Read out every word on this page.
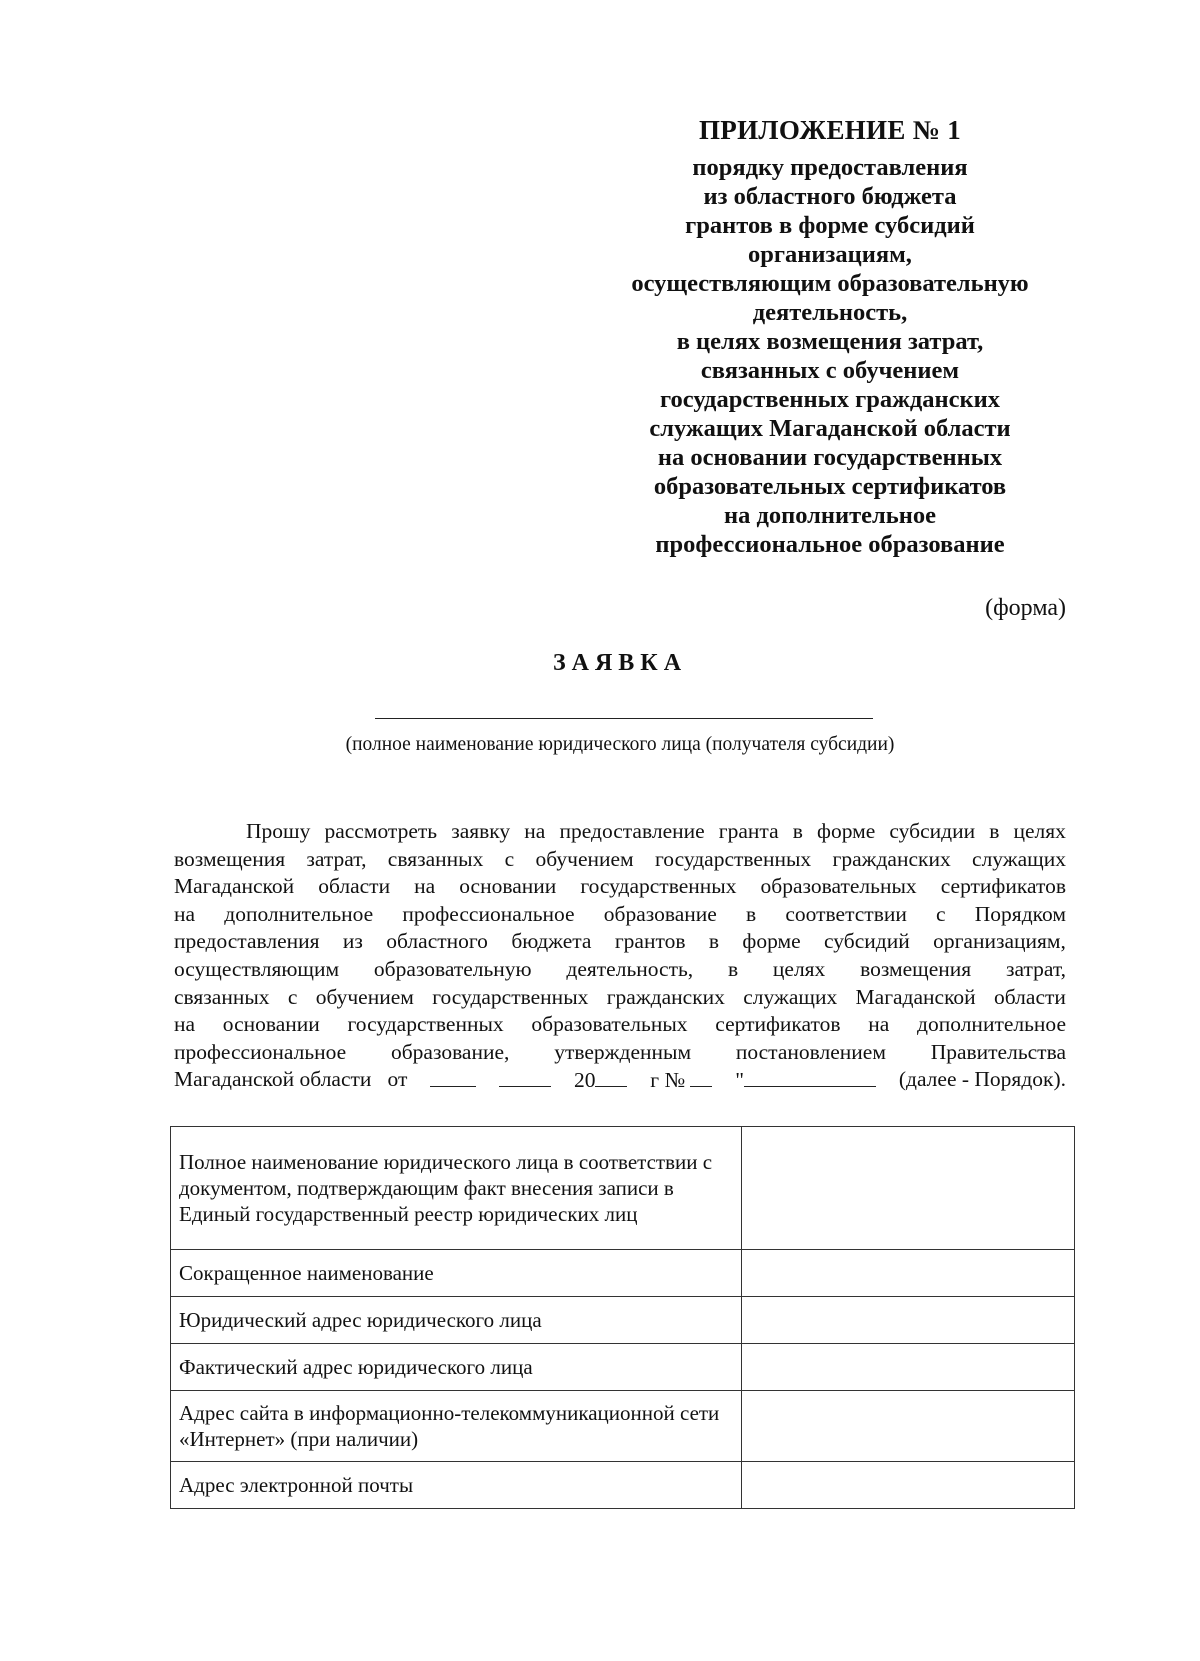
ПРИЛОЖЕНИЕ № 1
порядку предоставления
из областного бюджета
грантов в форме субсидий
организациям,
осуществляющим образовательную
деятельность,
в целях возмещения затрат,
связанных с обучением
государственных гражданских
служащих Магаданской области
на основании государственных
образовательных сертификатов
на дополнительное
профессиональное образование
(форма)
ЗАЯВКА
(полное наименование юридического лица (получателя субсидии)
Прошу рассмотреть заявку на предоставление гранта в форме субсидии в целях
возмещения затрат, связанных с обучением государственных гражданских служащих
Магаданской области на основании государственных образовательных сертификатов
на дополнительное профессиональное образование в соответствии с Порядком
предоставления из областного бюджета грантов в форме субсидий организациям,
осуществляющим образовательную деятельность, в целях возмещения затрат,
связанных с обучением государственных гражданских служащих Магаданской области
на основании государственных образовательных сертификатов на дополнительное
профессиональное образование, утвержденным постановлением Правительства
Магаданской области от	20	г №	"	(далее - Порядок).
Полное наименование юридического лица в соответствии с документом, подтверждающим факт внесения записи в Единый государственный реестр юридических лиц	
Сокращенное наименование	
Юридический адрес юридического лица	
Фактический адрес юридического лица	
Адрес сайта в информационно-телекоммуникационной сети «Интернет» (при наличии)	
Адрес электронной почты	
